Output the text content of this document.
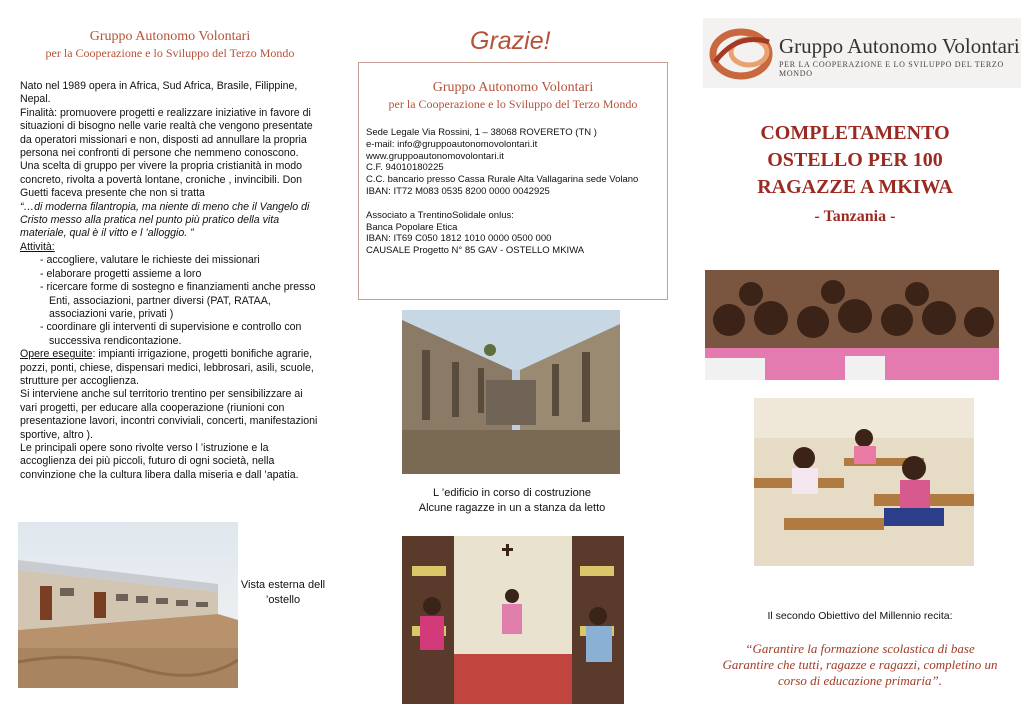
Gruppo Autonomo Volontari
per la Cooperazione e lo Sviluppo del Terzo Mondo

Nato nel 1989 opera in Africa, Sud Africa, Brasile, Filippine, Nepal.

Finalità: promuovere progetti e realizzare iniziative in favore di situazioni di bisogno nelle varie realtà che vengono presentate da operatori missionari e non, disposti ad annullare la propria persona nei confronti di persone che nemmeno conoscono. Una scelta di gruppo per vivere la propria cristianità in modo concreto, rivolta a povertà lontane, croniche , invincibili. Don Guetti faceva presente che non si tratta

“…di moderna filantropia, ma niente di meno che il Vangelo di Cristo messo alla pratica nel punto più pratico della vita materiale, qual è il vitto e l ’alloggio. ”

Attività:

- accogliere, valutare le richieste dei missionari
- elaborare progetti assieme a loro
- ricercare forme di sostegno e finanziamenti anche presso Enti, associazioni, partner diversi (PAT, RATAA, associazioni varie, privati )
- coordinare gli interventi di supervisione e controllo con successiva rendicontazione.

Opere eseguite: impianti irrigazione, progetti bonifiche agrarie, pozzi, ponti, chiese, dispensari medici, lebbrosari, asili, scuole, strutture per accoglienza.

Si interviene anche sul territorio trentino per sensibilizzare ai vari progetti, per educare alla cooperazione (riunioni con presentazione lavori, incontri conviviali, concerti, manifestazioni sportive, altro ).

Le principali opere sono rivolte verso l ’istruzione e la accoglienza dei più piccoli, futuro di ogni società, nella convinzione che la cultura libera dalla miseria e dall ’apatia.

Vista esterna dell ’ostello
Grazie!
Gruppo Autonomo Volontari
per la Cooperazione e lo Sviluppo del Terzo Mondo

Sede Legale Via Rossini, 1 – 38068 ROVERETO (TN )

e-mail: info@gruppoautonomovolontari.it

www.gruppoautonomovolontari.it

C.F. 94010180225

C.C. bancario presso Cassa Rurale Alta Vallagarina sede Volano

IBAN: IT72 M083 0535 8200 0000 0042925

Associato a TrentinoSolidale onlus:

Banca Popolare Etica

IBAN: IT69 C050 1812 1010 0000 0500 000

CAUSALE Progetto N° 85 GAV - OSTELLO MKIWA

L ’edificio in corso di costruzione
Alcune ragazze in un a stanza da letto
Gruppo Autonomo Volontari
PER LA COOPERAZIONE E LO SVILUPPO DEL TERZO MONDO
COMPLETAMENTO
OSTELLO PER 100
RAGAZZE A MKIWA
- Tanzania -
Il secondo Obiettivo del Millennio recita:
“Garantire la formazione scolastica di base
Garantire che tutti, ragazze e ragazzi, completino un
corso di educazione primaria”.
